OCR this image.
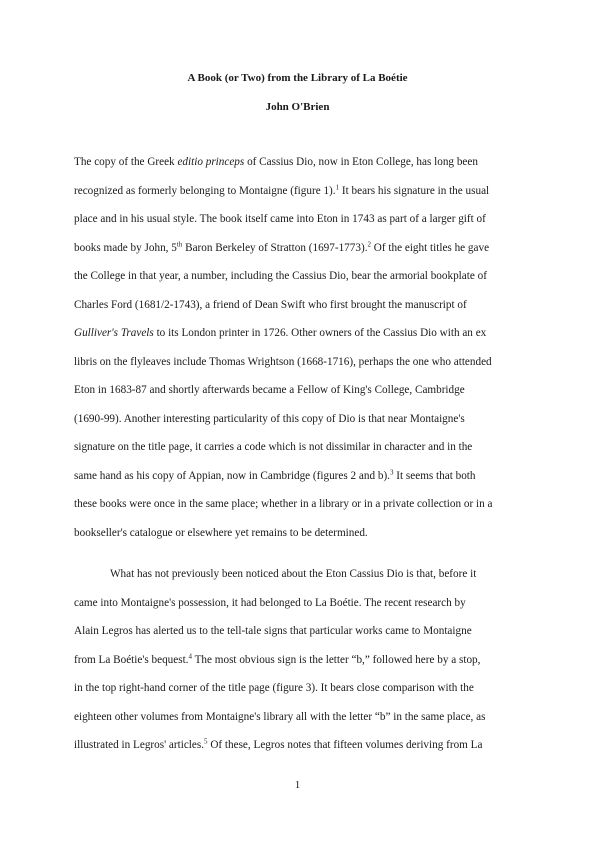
A Book (or Two) from the Library of La Boétie
John O'Brien
The copy of the Greek editio princeps of Cassius Dio, now in Eton College, has long been
recognized as formerly belonging to Montaigne (figure 1).$^1$ It bears his signature in the usual
place and in his usual style. The book itself came into Eton in 1743 as part of a larger gift of
books made by John, 5th Baron Berkeley of Stratton (1697-1773).$^2$ Of the eight titles he gave
the College in that year, a number, including the Cassius Dio, bear the armorial bookplate of
Charles Ford (1681/2-1743), a friend of Dean Swift who first brought the manuscript of
Gulliver's Travels to its London printer in 1726. Other owners of the Cassius Dio with an ex
libris on the flyleaves include Thomas Wrightson (1668-1716), perhaps the one who attended
Eton in 1683-87 and shortly afterwards became a Fellow of King's College, Cambridge
(1690-99). Another interesting particularity of this copy of Dio is that near Montaigne's
signature on the title page, it carries a code which is not dissimilar in character and in the
same hand as his copy of Appian, now in Cambridge (figures 2 and b).$^3$ It seems that both
these books were once in the same place; whether in a library or in a private collection or in a
bookseller's catalogue or elsewhere yet remains to be determined.
What has not previously been noticed about the Eton Cassius Dio is that, before it
came into Montaigne's possession, it had belonged to La Boétie. The recent research by
Alain Legros has alerted us to the tell-tale signs that particular works came to Montaigne
from La Boétie's bequest.$^4$ The most obvious sign is the letter “b,” followed here by a stop,
in the top right-hand corner of the title page (figure 3). It bears close comparison with the
eighteen other volumes from Montaigne's library all with the letter “b” in the same place, as
illustrated in Legros' articles.$^5$ Of these, Legros notes that fifteen volumes deriving from La
1
